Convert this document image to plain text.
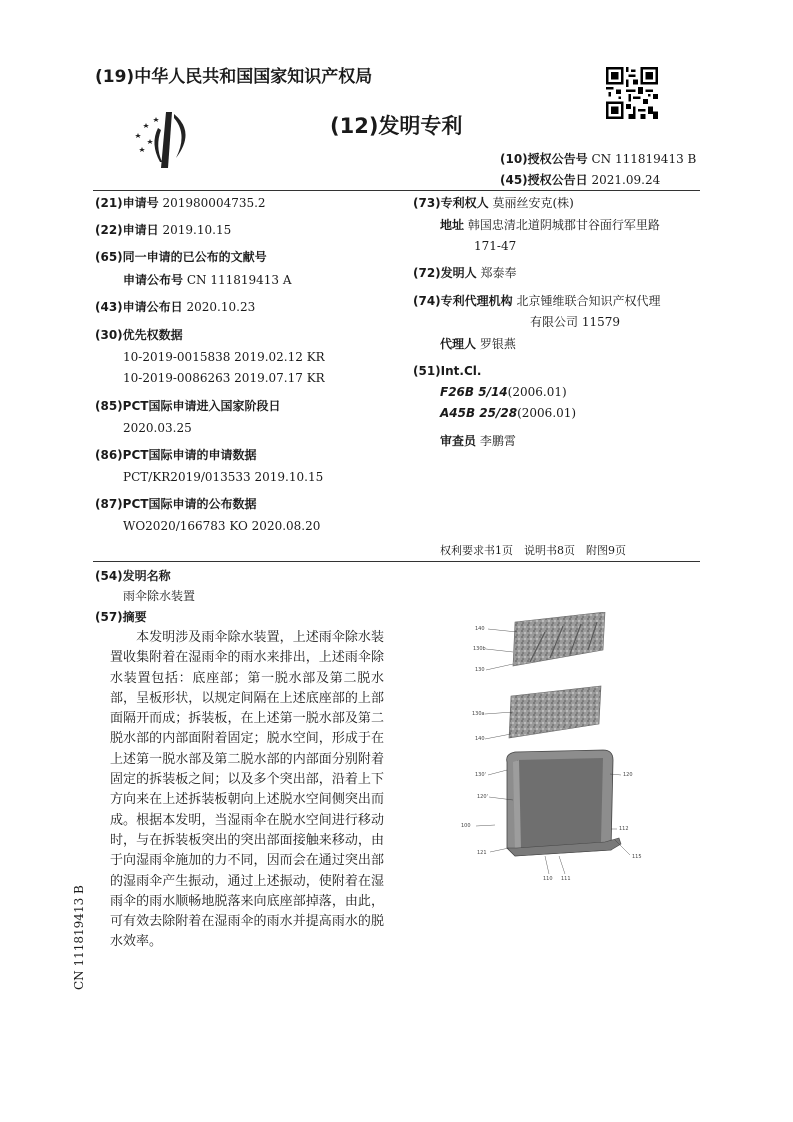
(19)中华人民共和国国家知识产权局
(12)发明专利
(10)授权公告号 CN 111819413 B
(45)授权公告日 2021.09.24
(21)申请号 201980004735.2
(22)申请日 2019.10.15
(65)同一申请的已公布的文献号
申请公布号 CN 111819413 A
(43)申请公布日 2020.10.23
(30)优先权数据
10-2019-0015838 2019.02.12 KR
10-2019-0086263 2019.07.17 KR
(85)PCT国际申请进入国家阶段日
2020.03.25
(86)PCT国际申请的申请数据
PCT/KR2019/013533 2019.10.15
(87)PCT国际申请的公布数据
WO2020/166783 KO 2020.08.20
(73)专利权人 莫丽丝安克(株)
地址 韩国忠清北道阴城郡甘谷面行军里路
171-47
(72)发明人 郑泰奉
(74)专利代理机构 北京锺维联合知识产权代理
有限公司 11579
代理人 罗银燕
(51)Int.Cl.
F26B 5/14(2006.01)
A45B 25/28(2006.01)
审查员 李鹏霄
权利要求书1页　说明书8页　附图9页
(54)发明名称
雨伞除水装置
(57)摘要
　　本发明涉及雨伞除水装置，上述雨伞除水装置收集附着在湿雨伞的雨水来排出，上述雨伞除水装置包括：底座部；第一脱水部及第二脱水部，呈板形状，以规定间隔在上述底座部的上部面隔开而成；拆装板，在上述第一脱水部及第二脱水部的内部面附着固定；脱水空间，形成于在上述第一脱水部及第二脱水部的内部面分别附着固定的拆装板之间；以及多个突出部，沿着上下方向来在上述拆装板朝向上述脱水空间侧突出而成。根据本发明，当湿雨伞在脱水空间进行移动时，与在拆装板突出的突出部面接触来移动，由于向湿雨伞施加的力不同，因而会在通过突出部的湿雨伞产生振动，通过上述振动，使附着在湿雨伞的雨水顺畅地脱落来向底座部掉落，由此，可有效去除附着在湿雨伞的雨水并提高雨水的脱水效率。
CN 111819413 B
140
130b
130
130a
140
130'	120
120'
100	112
121
115
110 111
